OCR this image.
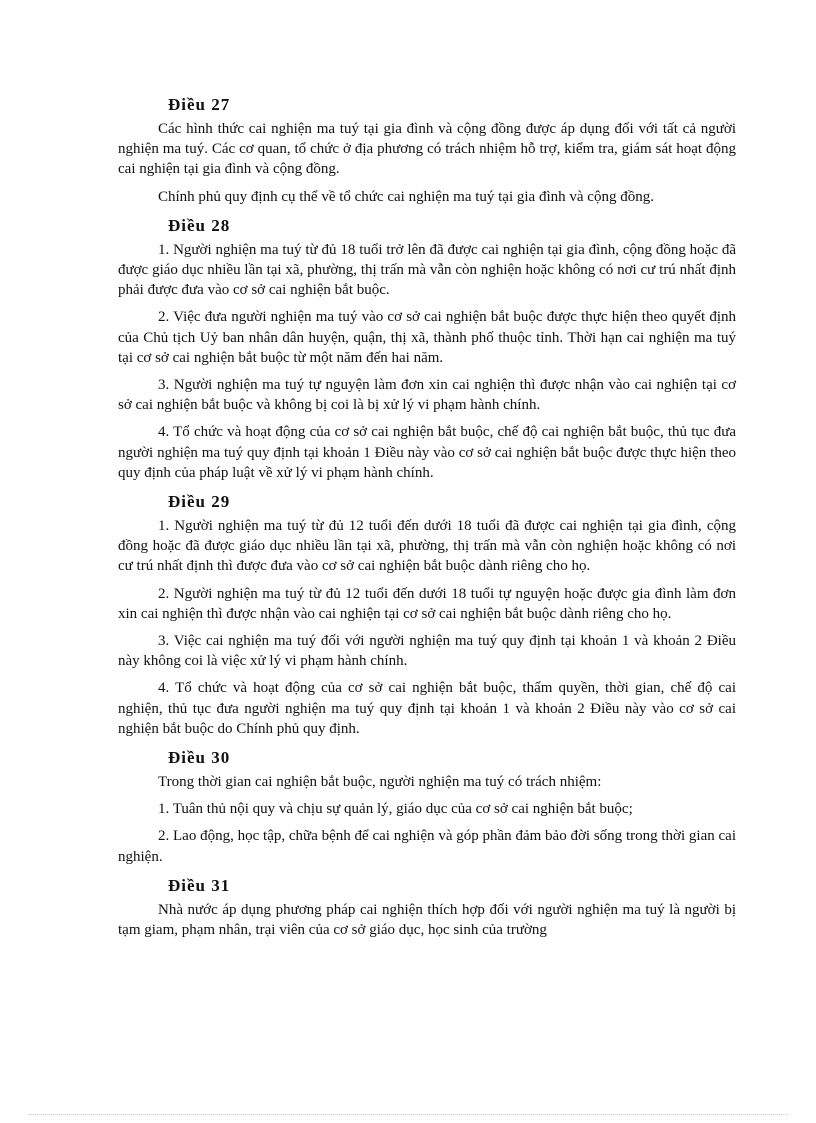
Điều 27

Các hình thức cai nghiện ma tuý tại gia đình và cộng đồng được áp dụng đối với tất cả người nghiện ma tuý. Các cơ quan, tổ chức ở địa phương có trách nhiệm hỗ trợ, kiểm tra, giám sát hoạt động cai nghiện tại gia đình và cộng đồng.

Chính phủ quy định cụ thể về tổ chức cai nghiện ma tuý tại gia đình và cộng đồng.

Điều 28

1. Người nghiện ma tuý từ đủ 18 tuổi trở lên đã được cai nghiện tại gia đình, cộng đồng hoặc đã được giáo dục nhiều lần tại xã, phường, thị trấn mà vẫn còn nghiện hoặc không có nơi cư trú nhất định phải được đưa vào cơ sở cai nghiện bắt buộc.

2. Việc đưa người nghiện ma tuý vào cơ sở cai nghiện bắt buộc được thực hiện theo quyết định của Chủ tịch Uỷ ban nhân dân huyện, quận, thị xã, thành phố thuộc tỉnh. Thời hạn cai nghiện ma tuý tại cơ sở cai nghiện bắt buộc từ một năm đến hai năm.

3. Người nghiện ma tuý tự nguyện làm đơn xin cai nghiện thì được nhận vào cai nghiện tại cơ sở cai nghiện bắt buộc và không bị coi là bị xử lý vi phạm hành chính.

4. Tổ chức và hoạt động của cơ sở cai nghiện bắt buộc, chế độ cai nghiện bắt buộc, thủ tục đưa người nghiện ma tuý quy định tại khoản 1 Điều này vào cơ sở cai nghiện bắt buộc được thực hiện theo quy định của pháp luật về xử lý vi phạm hành chính.

Điều 29

1. Người nghiện ma tuý từ đủ 12 tuổi đến dưới 18 tuổi đã được cai nghiện tại gia đình, cộng đồng hoặc đã được giáo dục nhiều lần tại xã, phường, thị trấn mà vẫn còn nghiện hoặc không có nơi cư trú nhất định thì được đưa vào cơ sở cai nghiện bắt buộc dành riêng cho họ.

2. Người nghiện ma tuý từ đủ 12 tuổi đến dưới 18 tuổi tự nguyện hoặc được gia đình làm đơn xin cai nghiện thì được nhận vào cai nghiện tại cơ sở cai nghiện bắt buộc dành riêng cho họ.

3. Việc cai nghiện ma tuý đối với người nghiện ma tuý quy định tại khoản 1 và khoản 2 Điều này không coi là việc xử lý vi phạm hành chính.

4. Tổ chức và hoạt động của cơ sở cai nghiện bắt buộc, thẩm quyền, thời gian, chế độ cai nghiện, thủ tục đưa người nghiện ma tuý quy định tại khoản 1 và khoản 2 Điều này vào cơ sở cai nghiện bắt buộc do Chính phủ quy định.

Điều 30

Trong thời gian cai nghiện bắt buộc, người nghiện ma tuý có trách nhiệm:

1. Tuân thủ nội quy và chịu sự quản lý, giáo dục của cơ sở cai nghiện bắt buộc;

2. Lao động, học tập, chữa bệnh để cai nghiện và góp phần đảm bảo đời sống trong thời gian cai nghiện.

Điều 31

Nhà nước áp dụng phương pháp cai nghiện thích hợp đối với người nghiện ma tuý là người bị tạm giam, phạm nhân, trại viên của cơ sở giáo dục, học sinh của trường
